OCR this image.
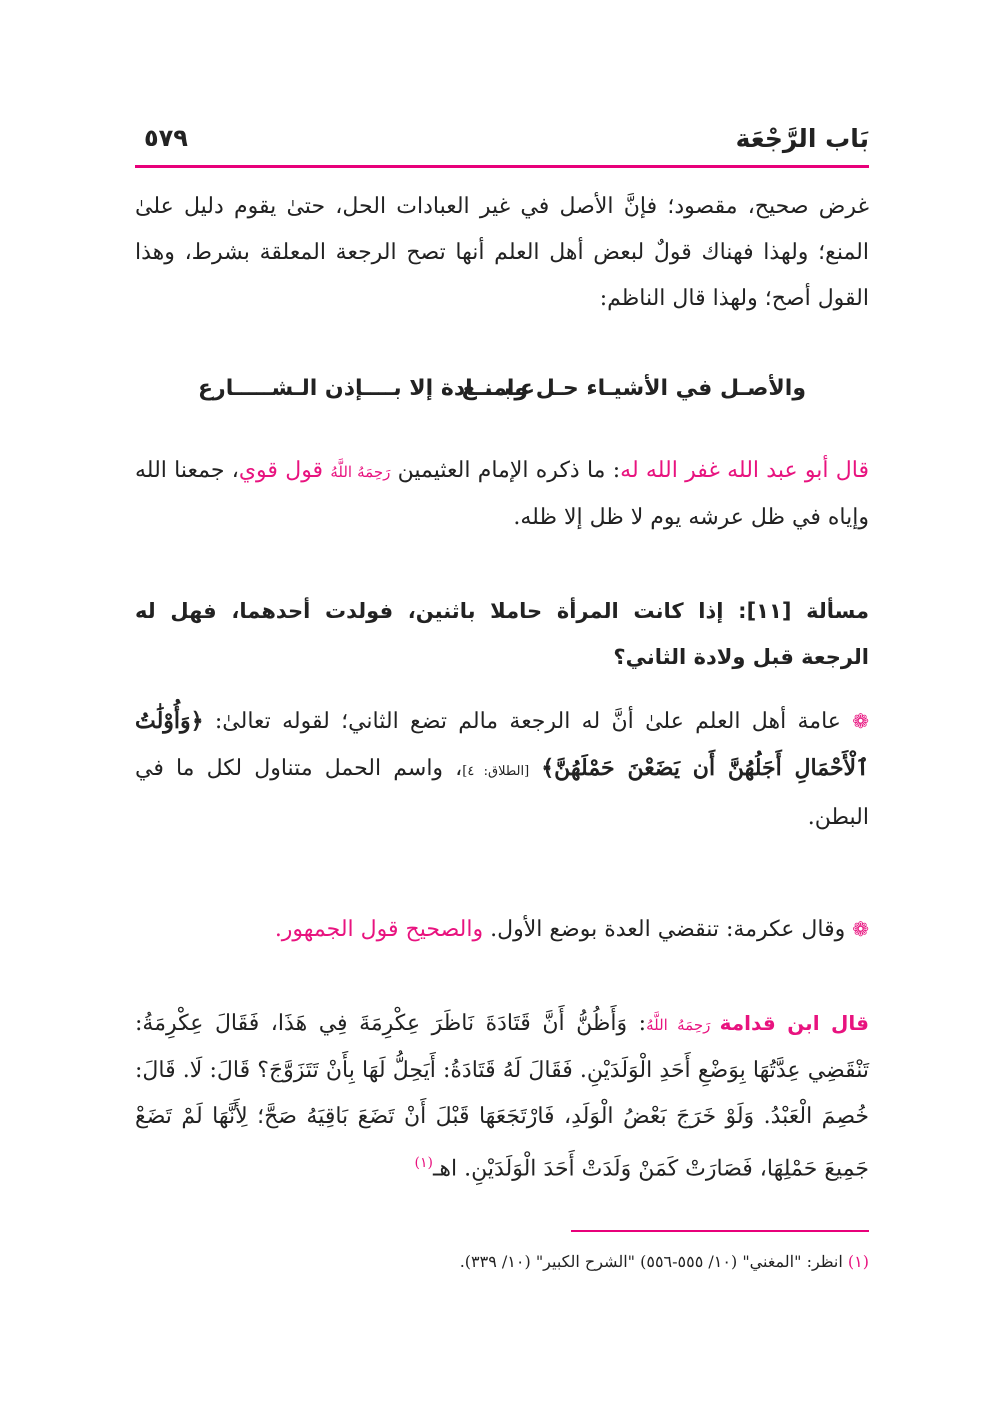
بَاب الرَّجْعَة
٥٧٩

غرض صحيح، مقصود؛ فإنَّ الأصل في غير العبادات الحل، حتىٰ يقوم دليل علىٰ المنع؛ ولهذا فهناك قولٌ لبعض أهل العلم أنها تصح الرجعة المعلقة بشرط، وهذا القول أصح؛ ولهذا قال الناظم:

والأصـل في الأشيـاء حـل وامنـع
عـبــــادة إلا بــــإذن الـشـــــارع

قال أبو عبد الله غفر الله له: ما ذكره الإمام العثيمين رَحِمَهُ اللَّهُ قول قوي، جمعنا الله وإياه في ظل عرشه يوم لا ظل إلا ظله.

مسألة [١١]: إذا كانت المرأة حاملا باثنين، فولدت أحدهما، فهل له الرجعة قبل ولادة الثاني؟

❁ عامة أهل العلم علىٰ أنَّ له الرجعة مالم تضع الثاني؛ لقوله تعالىٰ: ﴿وَأُوْلَٰتُ ٱلْأَحْمَالِ أَجَلُهُنَّ أَن يَضَعْنَ حَمْلَهُنَّ﴾ [الطلاق: ٤]، واسم الحمل متناول لكل ما في البطن.

❁ وقال عكرمة: تنقضي العدة بوضع الأول. والصحيح قول الجمهور.

قال ابن قدامة رَحِمَهُ اللَّهُ: وَأَظُنُّ أَنَّ قَتَادَةَ نَاظَرَ عِكْرِمَةَ فِي هَذَا، فَقَالَ عِكْرِمَةُ: تَنْقَضِي عِدَّتُهَا بِوَضْعِ أَحَدِ الْوَلَدَيْنِ. فَقَالَ لَهُ قَتَادَةُ: أَيَحِلُّ لَهَا بِأَنْ تَتَزَوَّجَ؟ قَالَ: لَا. قَالَ: خُصِمَ الْعَبْدُ. وَلَوْ خَرَجَ بَعْضُ الْوَلَدِ، فَارْتَجَعَهَا قَبْلَ أَنْ تَضَعَ بَاقِيَهُ صَحَّ؛ لِأَنَّهَا لَمْ تَضَعْ جَمِيعَ حَمْلِهَا، فَصَارَتْ كَمَنْ وَلَدَتْ أَحَدَ الْوَلَدَيْنِ. اهـ$^{(١)}$

(١) انظر: "المغني" (١٠/ ٥٥٥-٥٥٦) "الشرح الكبير" (١٠/ ٣٣٩).
